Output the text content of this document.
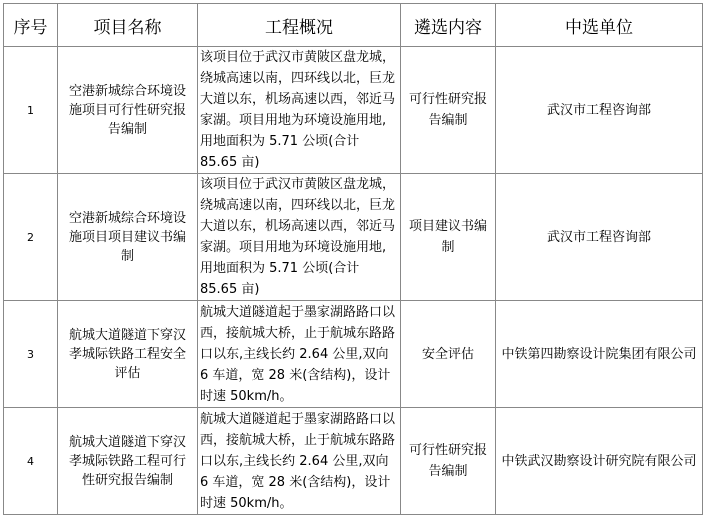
序号	项目名称	工程概况	遴选内容	中选单位
1	空港新城综合环境设施项目可行性研究报告编制	该项目位于武汉市黄陂区盘龙城，绕城高速以南，四环线以北，巨龙大道以东，机场高速以西，邻近马家湖。项目用地为环境设施用地,用地面积为 5.71 公顷(合计 85.65 亩)	可行性研究报告编制	武汉市工程咨询部
2	空港新城综合环境设施项目项目建议书编制	该项目位于武汉市黄陂区盘龙城，绕城高速以南，四环线以北，巨龙大道以东，机场高速以西，邻近马家湖。项目用地为环境设施用地,用地面积为 5.71 公顷(合计 85.65 亩)	项目建议书编制	武汉市工程咨询部
3	航城大道隧道下穿汉孝城际铁路工程安全评估	航城大道隧道起于墨家湖路路口以西，接航城大桥，止于航城东路路口以东,主线长约 2.64 公里,双向 6 车道，宽 28 米(含结构)，设计时速 50km/h。	安全评估	中铁第四勘察设计院集团有限公司
4	航城大道隧道下穿汉孝城际铁路工程可行性研究报告编制	航城大道隧道起于墨家湖路路口以西，接航城大桥，止于航城东路路口以东,主线长约 2.64 公里,双向 6 车道，宽 28 米(含结构)，设计时速 50km/h。	可行性研究报告编制	中铁武汉勘察设计研究院有限公司
